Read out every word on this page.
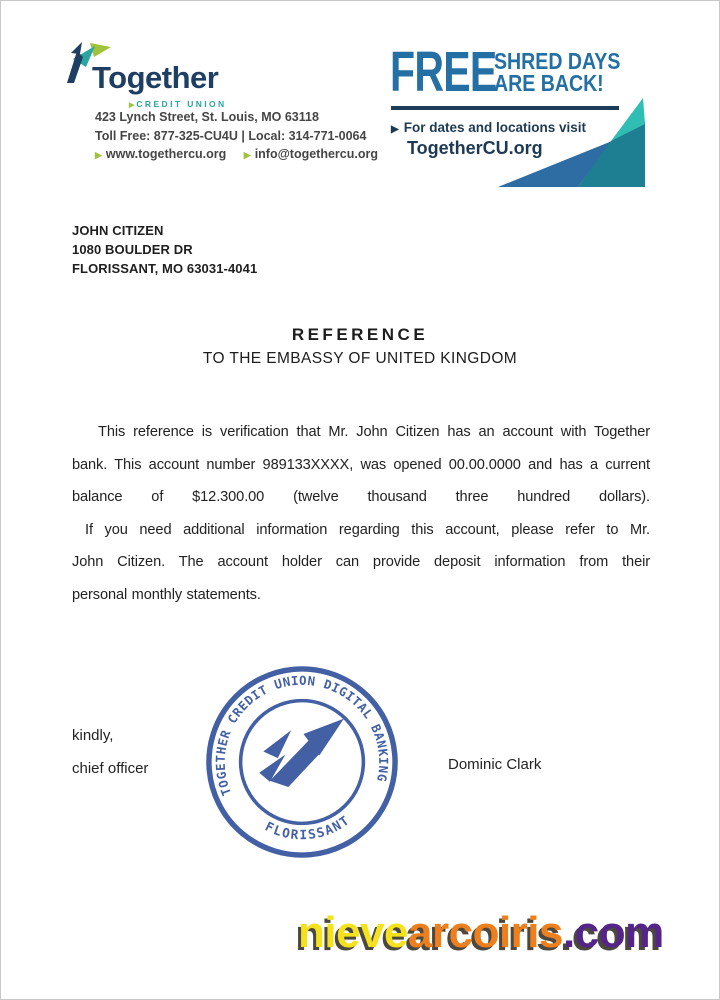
Together
▶ CREDIT UNION
423 Lynch Street, St. Louis, MO 63118
Toll Free: 877-325-CU4U | Local: 314-771-0064
▶ www.togethercu.org ▶ info@togethercu.org
FREE
SHRED DAYS
ARE BACK!
▶ For dates and locations visit
TogetherCU.org
JOHN CITIZEN
1080 BOULDER DR
FLORISSANT, MO 63031-4041
REFERENCE
TO THE EMBASSY OF UNITED KINGDOM
This reference is verification that Mr. John Citizen has an account with Together
bank. This account number 989133XXXX, was opened 00.00.0000 and has a current
balance of $12.300.00 (twelve thousand three hundred dollars).
If you need additional information regarding this account, please refer to Mr.
John Citizen. The account holder can provide deposit information from their
personal monthly statements.
kindly,
chief officer	Dominic Clark
TOGETHER CREDIT UNION DIGITAL BANKING
FLORISSANT
nievearcoiris.com
